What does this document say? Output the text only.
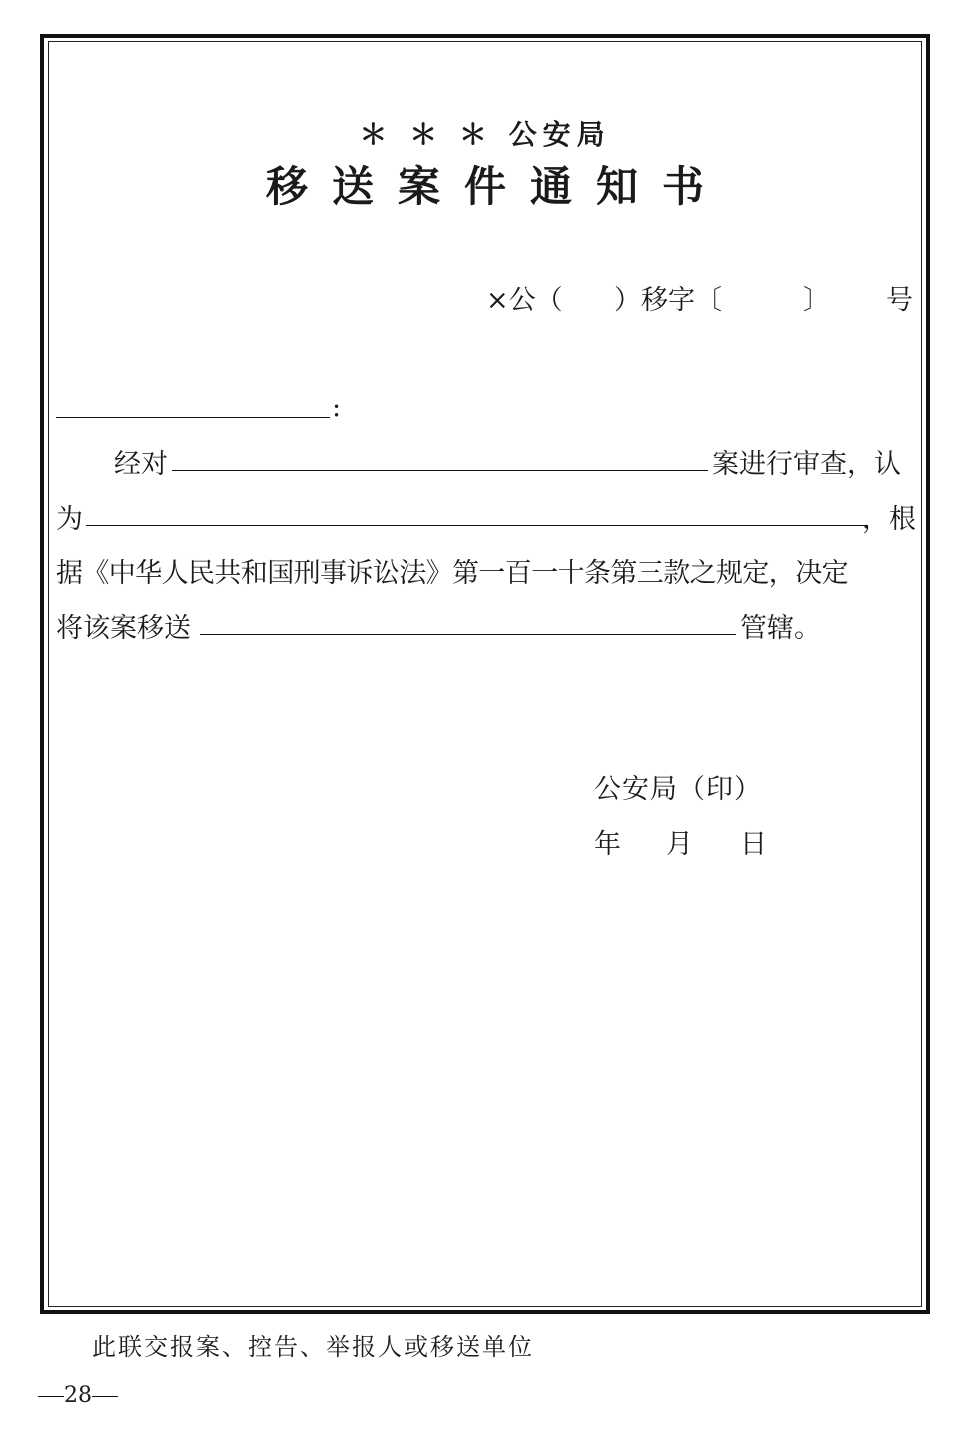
＊ ＊ ＊ 公安局
移送案件通知书
×公（ ）移字〔	〕 号
:
经对	案进行审查，认
为	，根
据《中华人民共和国刑事诉讼法》第一百一十条第三款之规定，决定
将该案移送	管辖。
公安局（印）
年 月 日
此联交报案、控告、举报人或移送单位
28
